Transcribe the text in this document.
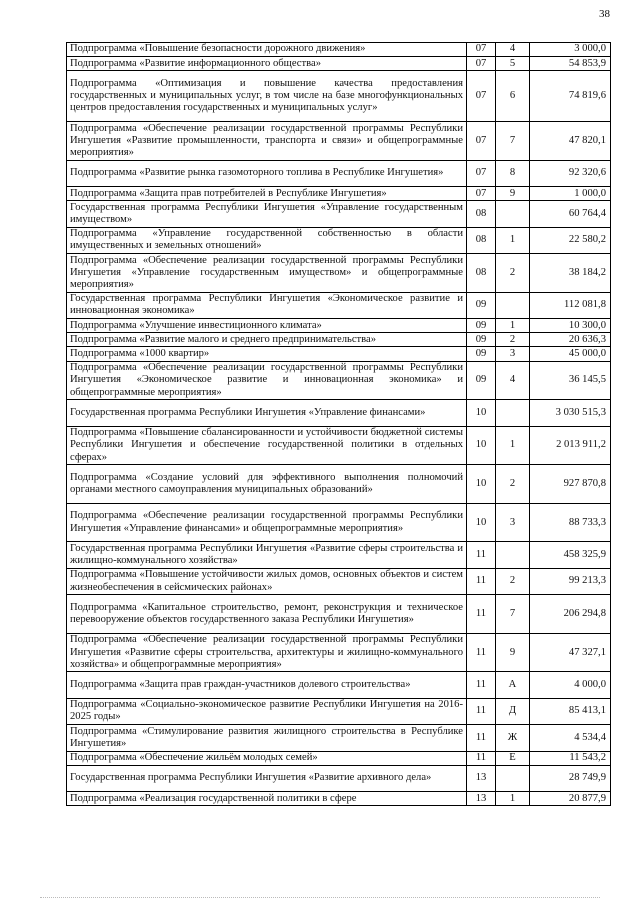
38
Подпрограмма «Повышение безопасности дорожного движения»	07	4	3 000,0
Подпрограмма «Развитие информационного общества»	07	5	54 853,9
Подпрограмма «Оптимизация и повышение качества предоставления государственных и муниципальных услуг, в том числе на базе многофункциональных центров предоставления государственных и муниципальных услуг»	07	6	74 819,6
Подпрограмма «Обеспечение реализации государственной программы Республики Ингушетия «Развитие промышленности, транспорта и связи» и общепрограммные мероприятия»	07	7	47 820,1
Подпрограмма «Развитие рынка газомоторного топлива в Республике Ингушетия»	07	8	92 320,6
Подпрограмма «Защита прав потребителей в Республике Ингушетия»	07	9	1 000,0
Государственная программа Республики Ингушетия «Управление государственным имуществом»	08		60 764,4
Подпрограмма «Управление государственной собственностью в области имущественных и земельных отношений»	08	1	22 580,2
Подпрограмма «Обеспечение реализации государственной программы Республики Ингушетия «Управление государственным имуществом» и общепрограммные мероприятия»	08	2	38 184,2
Государственная программа Республики Ингушетия «Экономическое развитие и инновационная экономика»	09		112 081,8
Подпрограмма «Улучшение инвестиционного климата»	09	1	10 300,0
Подпрограмма «Развитие малого и среднего предпринимательства»	09	2	20 636,3
Подпрограмма «1000 квартир»	09	3	45 000,0
Подпрограмма «Обеспечение реализации государственной программы Республики Ингушетия «Экономическое развитие и инновационная экономика» и общепрограммные мероприятия»	09	4	36 145,5
Государственная программа Республики Ингушетия «Управление финансами»	10		3 030 515,3
Подпрограмма «Повышение сбалансированности и устойчивости бюджетной системы Республики Ингушетия и обеспечение государственной политики в отдельных сферах»	10	1	2 013 911,2
Подпрограмма «Создание условий для эффективного выполнения полномочий органами местного самоуправления муниципальных образований»	10	2	927 870,8
Подпрограмма «Обеспечение реализации государственной программы Республики Ингушетия «Управление финансами» и общепрограммные мероприятия»	10	3	88 733,3
Государственная программа Республики Ингушетия «Развитие сферы строительства и жилищно-коммунального хозяйства»	11		458 325,9
Подпрограмма «Повышение устойчивости жилых домов, основных объектов и систем жизнеобеспечения в сейсмических районах»	11	2	99 213,3
Подпрограмма «Капитальное строительство, ремонт, реконструкция и техническое перевооружение объектов государственного заказа Республики Ингушетия»	11	7	206 294,8
Подпрограмма «Обеспечение реализации государственной программы Республики Ингушетия «Развитие сферы строительства, архитектуры и жилищно-коммунального хозяйства» и общепрограммные мероприятия»	11	9	47 327,1
Подпрограмма «Защита прав граждан-участников долевого строительства»	11	А	4 000,0
Подпрограмма «Социально-экономическое развитие Республики Ингушетия на 2016-2025 годы»	11	Д	85 413,1
Подпрограмма «Стимулирование развития жилищного строительства в Республике Ингушетия»	11	Ж	4 534,4
Подпрограмма «Обеспечение жильём молодых семей»	11	Е	11 543,2
Государственная программа Республики Ингушетия «Развитие архивного дела»	13		28 749,9
Подпрограмма «Реализация государственной политики в сфере	13	1	20 877,9
